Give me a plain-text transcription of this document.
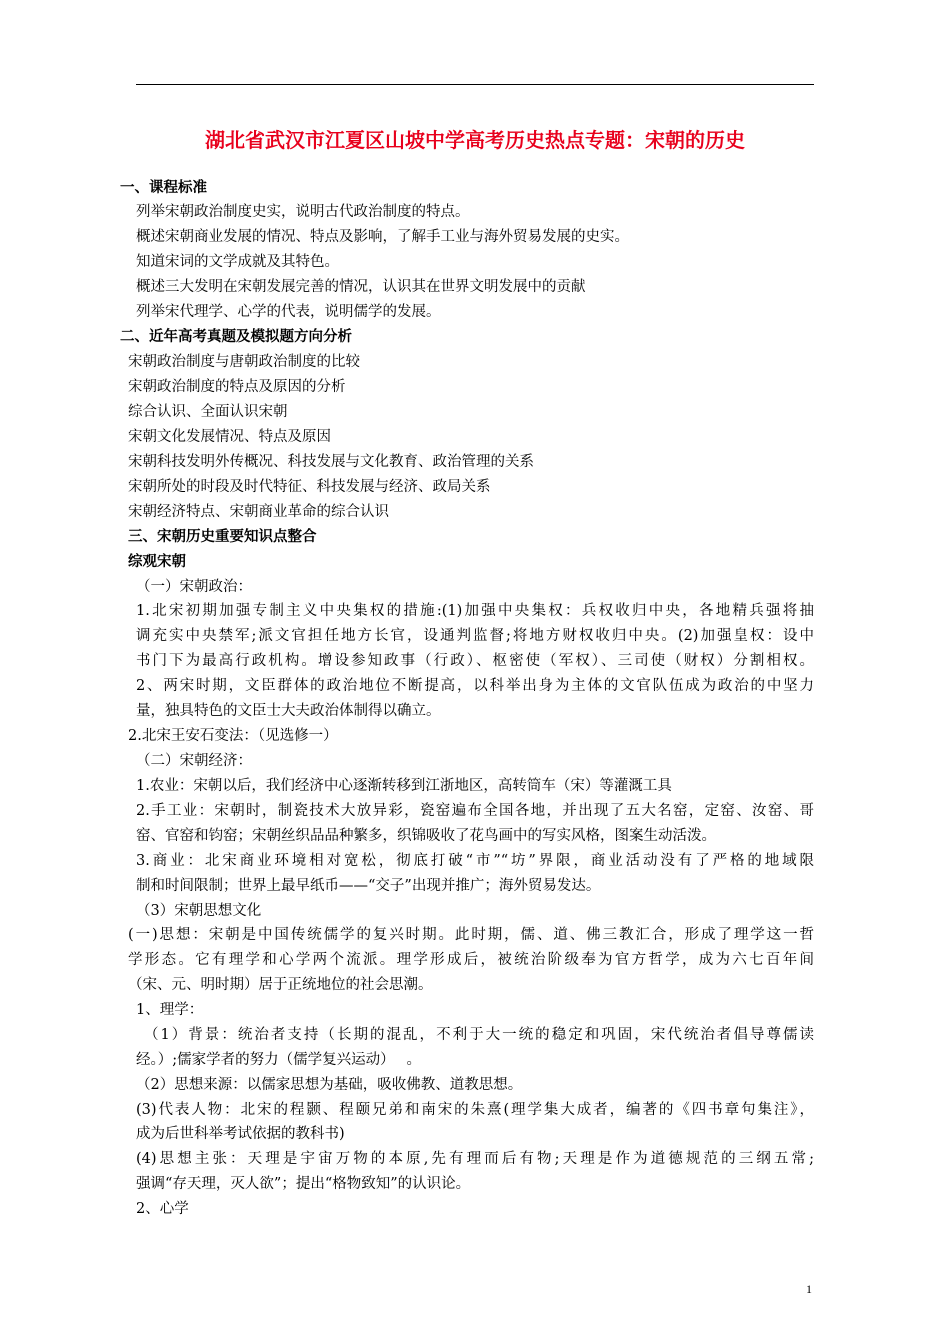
湖北省武汉市江夏区山坡中学高考历史热点专题：宋朝的历史
一、课程标准
列举宋朝政治制度史实，说明古代政治制度的特点。
概述宋朝商业发展的情况、特点及影响，了解手工业与海外贸易发展的史实。
知道宋词的文学成就及其特色。
概述三大发明在宋朝发展完善的情况，认识其在世界文明发展中的贡献
列举宋代理学、心学的代表，说明儒学的发展。
二、近年高考真题及模拟题方向分析
宋朝政治制度与唐朝政治制度的比较
宋朝政治制度的特点及原因的分析
综合认识、全面认识宋朝
宋朝文化发展情况、特点及原因
宋朝科技发明外传概况、科技发展与文化教育、政治管理的关系
宋朝所处的时段及时代特征、科技发展与经济、政局关系
宋朝经济特点、宋朝商业革命的综合认识
三、宋朝历史重要知识点整合
综观宋朝
（一）宋朝政治：
1.北宋初期加强专制主义中央集权的措施:(1)加强中央集权：兵权收归中央，各地精兵强将抽
调充实中央禁军;派文官担任地方长官，设通判监督;将地方财权收归中央。(2)加强皇权：设中
书门下为最高行政机构。增设参知政事（行政）、枢密使（军权）、三司使（财权）分割相权。
2、两宋时期，文臣群体的政治地位不断提高，以科举出身为主体的文官队伍成为政治的中坚力
量，独具特色的文臣士大夫政治体制得以确立。
2.北宋王安石变法：（见选修一）
（二）宋朝经济：
1.农业：宋朝以后，我们经济中心逐渐转移到江浙地区，高转筒车（宋）等灌溉工具
2.手工业：宋朝时，制瓷技术大放异彩，瓷窑遍布全国各地，并出现了五大名窑，定窑、汝窑、哥
窑、官窑和钧窑；宋朝丝织品品种繁多，织锦吸收了花鸟画中的写实风格，图案生动活泼。
3.商业：北宋商业环境相对宽松，彻底打破“市”“坊”界限，商业活动没有了严格的地域限
制和时间限制；世界上最早纸币——“交子”出现并推广；海外贸易发达。
（3）宋朝思想文化
(一)思想：宋朝是中国传统儒学的复兴时期。此时期，儒、道、佛三教汇合，形成了理学这一哲
学形态。它有理学和心学两个流派。理学形成后，被统治阶级奉为官方哲学，成为六七百年间
（宋、元、明时期）居于正统地位的社会思潮。
1、理学：
（1）背景：统治者支持（长期的混乱，不利于大一统的稳定和巩固，宋代统治者倡导尊儒读
经。）;儒家学者的努力（儒学复兴运动）　 。
（2）思想来源：以儒家思想为基础，吸收佛教、道教思想。
(3)代表人物：北宋的程颢、程颐兄弟和南宋的朱熹(理学集大成者，编著的《四书章句集注》，
成为后世科举考试依据的教科书)
(4)思想主张：天理是宇宙万物的本原,先有理而后有物;天理是作为道德规范的三纲五常;
强调“存天理，灭人欲”；提出“格物致知”的认识论。
2、心学
1
